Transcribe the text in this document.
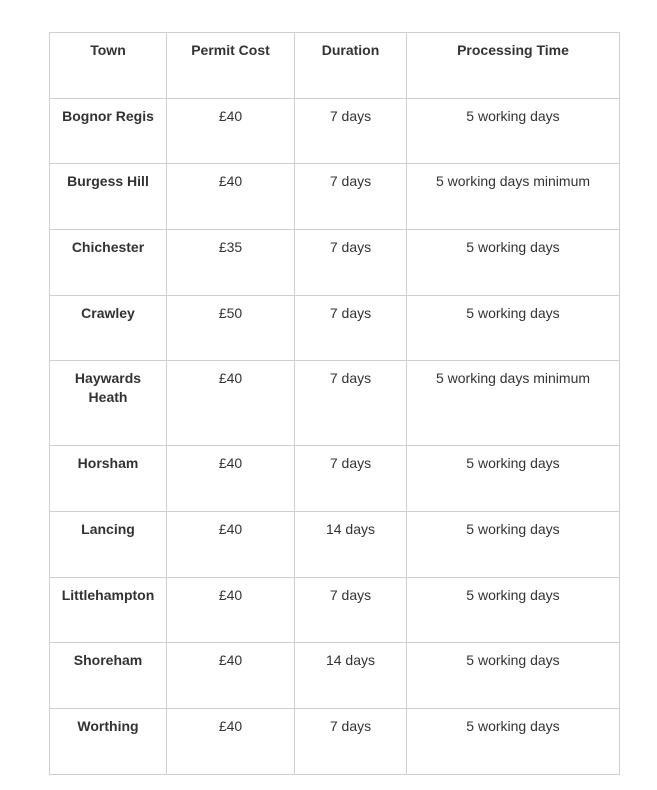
Town	Permit Cost	Duration	Processing Time
Bognor Regis	£40	7 days	5 working days
Burgess Hill	£40	7 days	5 working days minimum
Chichester	£35	7 days	5 working days
Crawley	£50	7 days	5 working days
Haywards Heath	£40	7 days	5 working days minimum
Horsham	£40	7 days	5 working days
Lancing	£40	14 days	5 working days
Littlehampton	£40	7 days	5 working days
Shoreham	£40	14 days	5 working days
Worthing	£40	7 days	5 working days
